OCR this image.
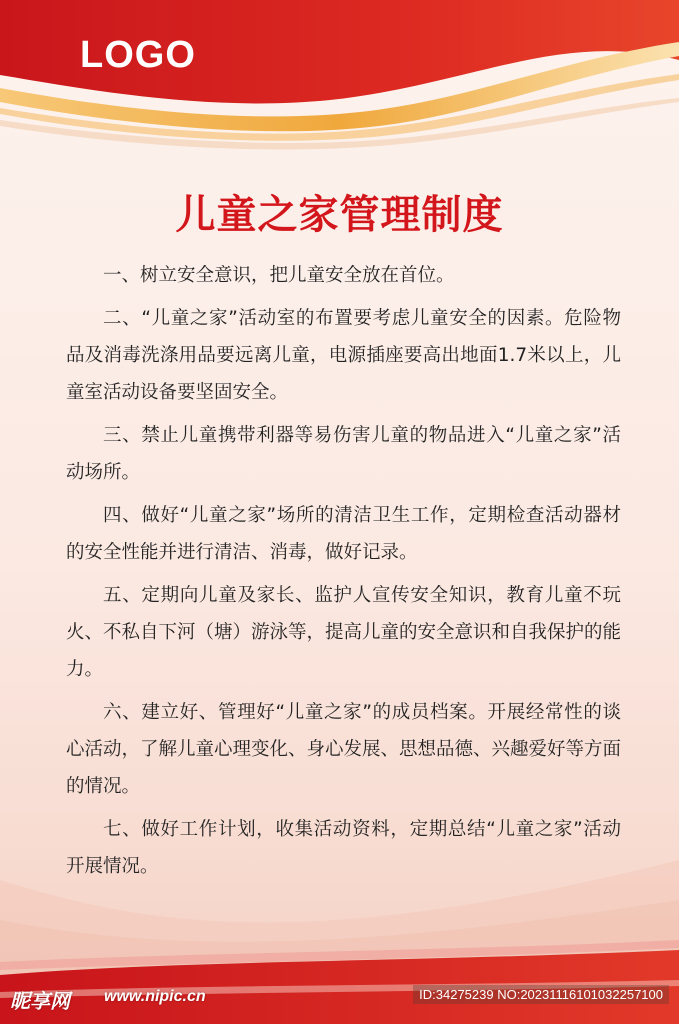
LOGO
儿童之家管理制度

一、树立安全意识，把儿童安全放在首位。

二、“儿童之家”活动室的布置要考虑儿童安全的因素。危险物品及消毒洗涤用品要远离儿童，电源插座要高出地面1.7米以上，儿童室活动设备要坚固安全。

三、禁止儿童携带利器等易伤害儿童的物品进入“儿童之家”活动场所。

四、做好“儿童之家”场所的清洁卫生工作，定期检查活动器材的安全性能并进行清洁、消毒，做好记录。

五、定期向儿童及家长、监护人宣传安全知识，教育儿童不玩火、不私自下河（塘）游泳等，提高儿童的安全意识和自我保护的能力。

六、建立好、管理好“儿童之家”的成员档案。开展经常性的谈心活动，了解儿童心理变化、身心发展、思想品德、兴趣爱好等方面的情况。

七、做好工作计划，收集活动资料，定期总结“儿童之家”活动开展情况。

昵享网 www.nipic.cn	ID:34275239 NO:20231116101032257100
